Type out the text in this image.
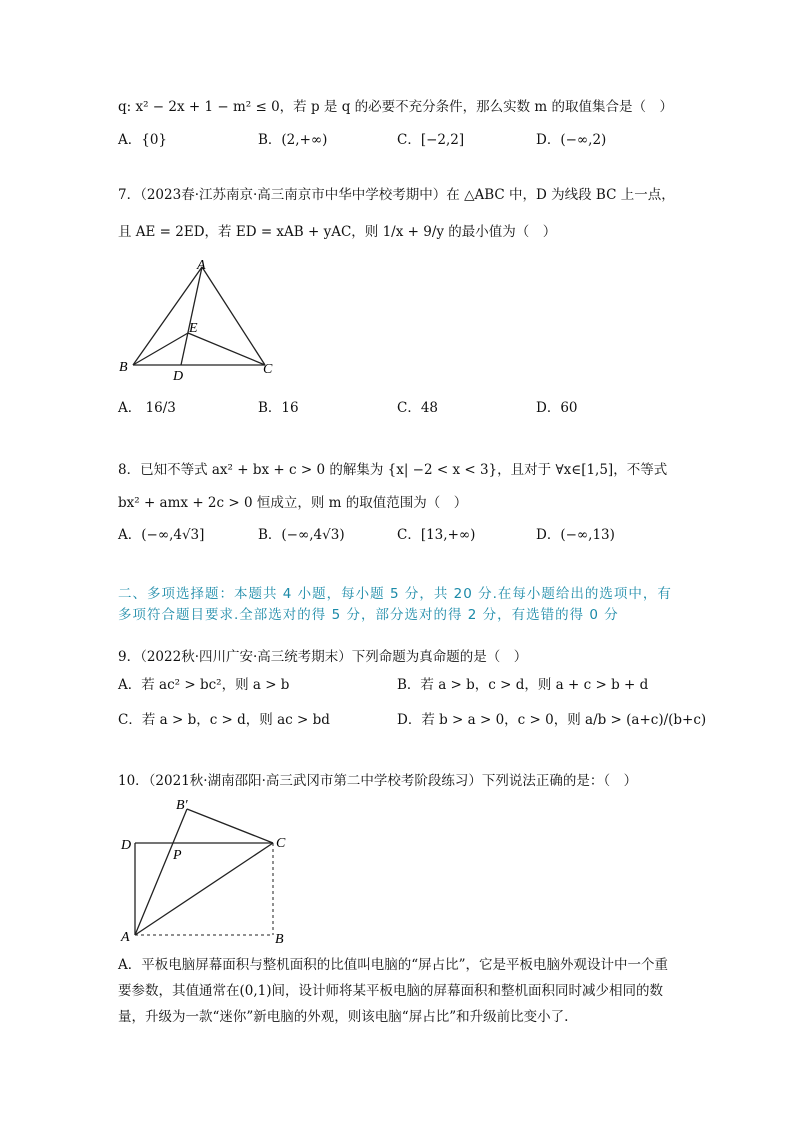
q: x² − 2x + 1 − m² ≤ 0，若 p 是 q 的必要不充分条件，那么实数 m 的取值集合是（　）
A．{0}	B．(2,+∞)	C．[−2,2]	D．(−∞,2)
7．（2023春·江苏南京·高三南京市中华中学校考期中）在 △ABC 中，D 为线段 BC 上一点，
且 AE = 2ED，若 ED = xAB + yAC，则 1/x + 9/y 的最小值为（　）
A
B	C
D
E
A． 16/3	B．16	C．48	D．60
8．已知不等式 ax² + bx + c > 0 的解集为 {x| −2 < x < 3}，且对于 ∀x∈[1,5]，不等式
bx² + amx + 2c > 0 恒成立，则 m 的取值范围为（　）
A．(−∞,4√3]	B．(−∞,4√3)	C．[13,+∞)	D．(−∞,13)
二、多项选择题：本题共 4 小题，每小题 5 分，共 20 分.在每小题给出的选项中，有多项符合题目要求.全部选对的得 5 分，部分选对的得 2 分，有选错的得 0 分
9．（2022秋·四川广安·高三统考期末）下列命题为真命题的是（　）
A．若 ac² > bc²，则 a > b	B．若 a > b，c > d，则 a + c > b + d
C．若 a > b，c > d，则 ac > bd	D．若 b > a > 0，c > 0，则 a/b > (a+c)/(b+c)
10．（2021秋·湖南邵阳·高三武冈市第二中学校考阶段练习）下列说法正确的是：（　）
B′
C
D
P
A	B
A．平板电脑屏幕面积与整机面积的比值叫电脑的“屏占比”，它是平板电脑外观设计中一个重要参数，其值通常在(0,1)间，设计师将某平板电脑的屏幕面积和整机面积同时减少相同的数量，升级为一款“迷你”新电脑的外观，则该电脑“屏占比”和升级前比变小了.
